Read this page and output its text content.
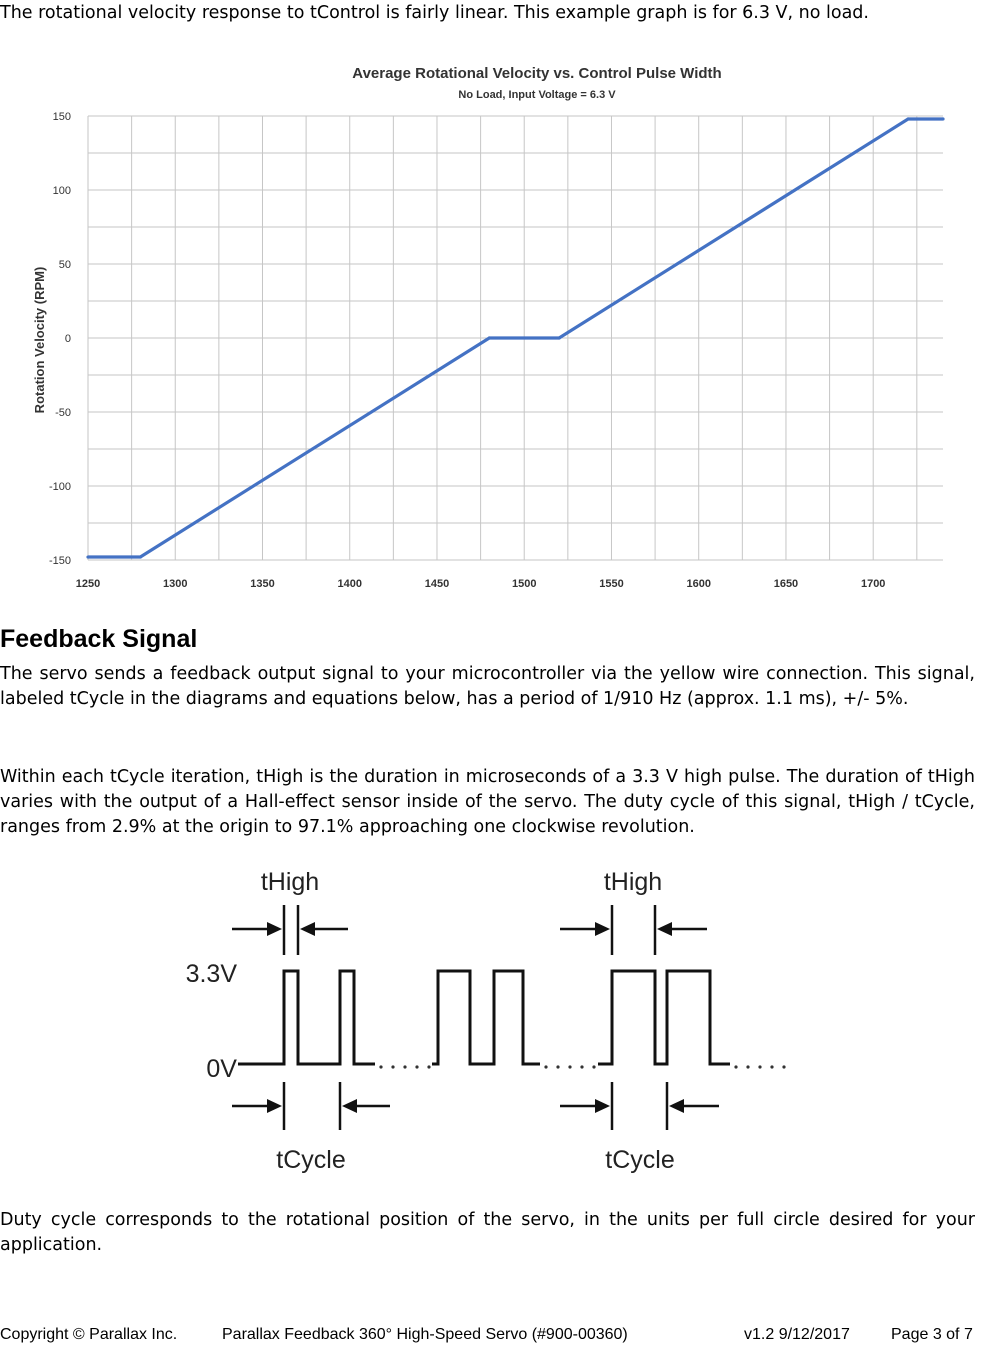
The rotational velocity response to tControl is fairly linear. This example graph is for 6.3 V, no load.

Average Rotational Velocity vs. Control Pulse Width
No Load, Input Voltage = 6.3 V
Rotation Velocity (RPM)
1250	1300	1350	1400	1450	1500	1550	1600	1650	1700
150
100
50
0
-50
-100
-150
Feedback Signal

The servo sends a feedback output signal to your microcontroller via the yellow wire connection. This signal, labeled tCycle in the diagrams and equations below, has a period of 1/910 Hz (approx. 1.1 ms), +/- 5%.

Within each tCycle iteration, tHigh is the duration in microseconds of a 3.3 V high pulse. The duration of tHigh varies with the output of a Hall-effect sensor inside of the servo. The duty cycle of this signal, tHigh / tCycle, ranges from 2.9% at the origin to 97.1% approaching one clockwise revolution.

tHigh	tHigh
3.3V
0V
tCycle	tCycle

Duty cycle corresponds to the rotational position of the servo, in the units per full circle desired for your application.

Copyright © Parallax Inc.	Parallax Feedback 360° High-Speed Servo (#900-00360)	v1.2 9/12/2017	Page 3 of 7
